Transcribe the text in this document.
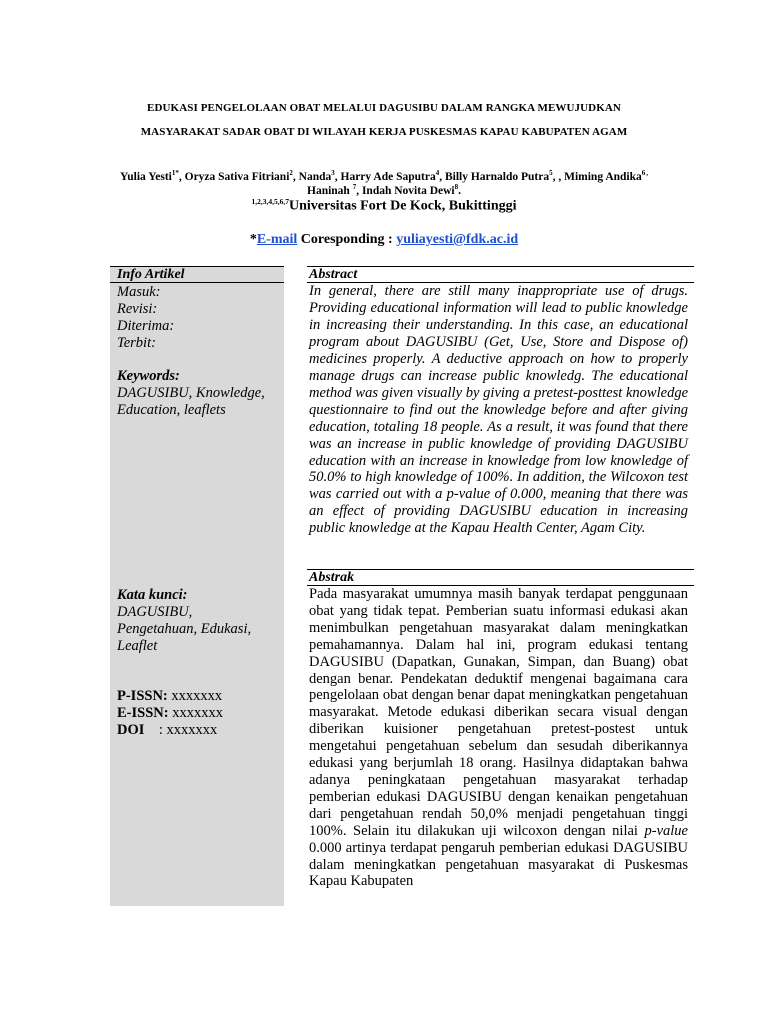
EDUKASI PENGELOLAAN OBAT MELALUI DAGUSIBU DALAM RANGKA MEWUJUDKAN
MASYARAKAT SADAR OBAT DI WILAYAH KERJA PUSKESMAS KAPAU KABUPATEN AGAM
Yulia Yesti$^{1*}$, Oryza Sativa Fitriani$^2$, Nanda$^3$, Harry Ade Saputra$^4$, Billy Harnaldo Putra$^5$, , Miming Andika$^6$ , Haninah $^7$, Indah Novita Dewi$^8$.
$^{1,2,3,4,5,6,7}$Universitas Fort De Kock, Bukittinggi
*E-mail Coresponding : yuliayesti@fdk.ac.id
Info Artikel
Masuk:
Revisi:
Diterima:
Terbit:
Keywords:
DAGUSIBU, Knowledge,
Education, leaflets
Kata kunci:
DAGUSIBU,
Pengetahuan, Edukasi,
Leaflet
P-ISSN: xxxxxxx
E-ISSN: xxxxxxx
DOI    : xxxxxxx
Abstract
In general, there are still many inappropriate use of drugs. Providing educational information will lead to public knowledge in increasing their understanding. In this case, an educational program about DAGUSIBU (Get, Use, Store and Dispose of) medicines properly. A deductive approach on how to properly manage drugs can increase public knowledg. The educational method was given visually by giving a pretest-posttest knowledge questionnaire to find out the knowledge before and after giving education, totaling 18 people. As a result, it was found that there was an increase in public knowledge of providing DAGUSIBU education with an increase in knowledge from low knowledge of 50.0% to high knowledge of 100%. In addition, the Wilcoxon test was carried out with a p-value of 0.000, meaning that there was an effect of providing DAGUSIBU education in increasing public knowledge at the Kapau Health Center, Agam City.
Abstrak
Pada masyarakat umumnya masih banyak terdapat penggunaan obat yang tidak tepat. Pemberian suatu informasi edukasi akan menimbulkan pengetahuan masyarakat dalam meningkatkan pemahamannya. Dalam hal ini, program edukasi tentang DAGUSIBU (Dapatkan, Gunakan, Simpan, dan Buang) obat dengan benar. Pendekatan deduktif mengenai bagaimana cara pengelolaan obat dengan benar dapat meningkatkan pengetahuan masyarakat. Metode edukasi diberikan secara visual dengan diberikan kuisioner pengetahuan pretest-postest untuk mengetahui pengetahuan sebelum dan sesudah diberikannya edukasi yang berjumlah 18 orang. Hasilnya didaptakan bahwa adanya peningkataan pengetahuan masyarakat terhadap pemberian edukasi DAGUSIBU dengan kenaikan pengetahuan dari pengetahuan rendah 50,0% menjadi pengetahuan tinggi 100%. Selain itu dilakukan uji wilcoxon dengan nilai p-value 0.000 artinya terdapat pengaruh pemberian edukasi DAGUSIBU dalam meningkatkan pengetahuan masyarakat di Puskesmas Kapau Kabupaten
